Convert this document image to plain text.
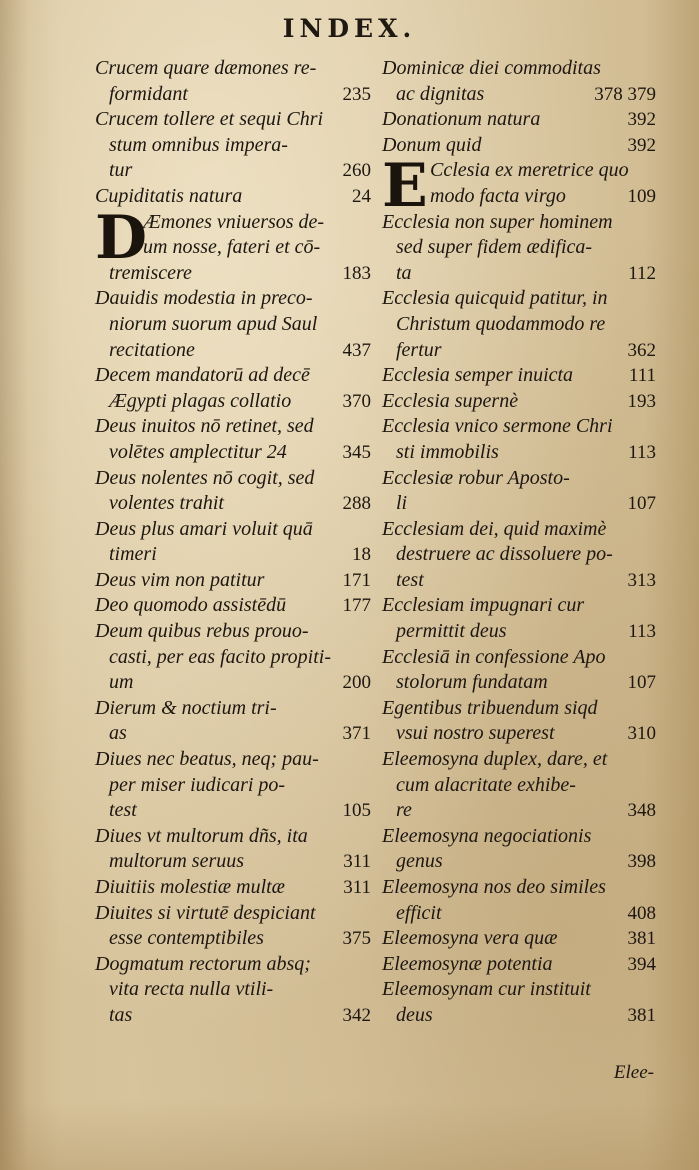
INDEX.
Crucem quare dæmones re-
formidant	235
Crucem tollere et sequi Chri
stum omnibus impera-
tur	260
Cupiditatis natura	24
D
Æmones vniuersos de-
um nosse, fateri et cō-
tremiscere	183
Dauidis modestia in preco-
niorum suorum apud Saul
recitatione	437
Decem mandatorū ad decē
Ægypti plagas collatio	370
Deus inuitos nō retinet, sed
volētes amplectitur 24	345
Deus nolentes nō cogit, sed
volentes trahit	288
Deus plus amari voluit quā
timeri	18
Deus vim non patitur	171
Deo quomodo assistēdū	177
Deum quibus rebus prouo-
casti, per eas facito propiti-
um	200
Dierum & noctium tri-
as	371
Diues nec beatus, neq; pau-
per miser iudicari po-
test	105
Diues vt multorum dñs, ita
multorum seruus	311
Diuitiis molestiæ multæ	311
Diuites si virtutē despiciant
esse contemptibiles	375
Dogmatum rectorum absq;
vita recta nulla vtili-
tas	342
Dominicæ diei commoditas
ac dignitas	378 379
Donationum natura	392
Donum quid	392
E Cclesia ex meretrice quo
modo facta virgo	109
Ecclesia non super hominem
sed super fidem ædifica-
ta	112
Ecclesia quicquid patitur, in
Christum quodammodo re
fertur	362
Ecclesia semper inuicta	111
Ecclesia supernè	193
Ecclesia vnico sermone Chri
sti immobilis	113
Ecclesiæ robur Aposto-
li	107
Ecclesiam dei, quid maximè
destruere ac dissoluere po-
test	313
Ecclesiam impugnari cur
permittit deus	113
Ecclesiā in confessione Apo
stolorum fundatam	107
Egentibus tribuendum siqd
vsui nostro superest	310
Eleemosyna duplex, dare, et
cum alacritate exhibe-
re	348
Eleemosyna negociationis
genus	398
Eleemosyna nos deo similes
efficit	408
Eleemosyna vera quæ	381
Eleemosynæ potentia	394
Eleemosynam cur instituit
deus	381
Elee-
